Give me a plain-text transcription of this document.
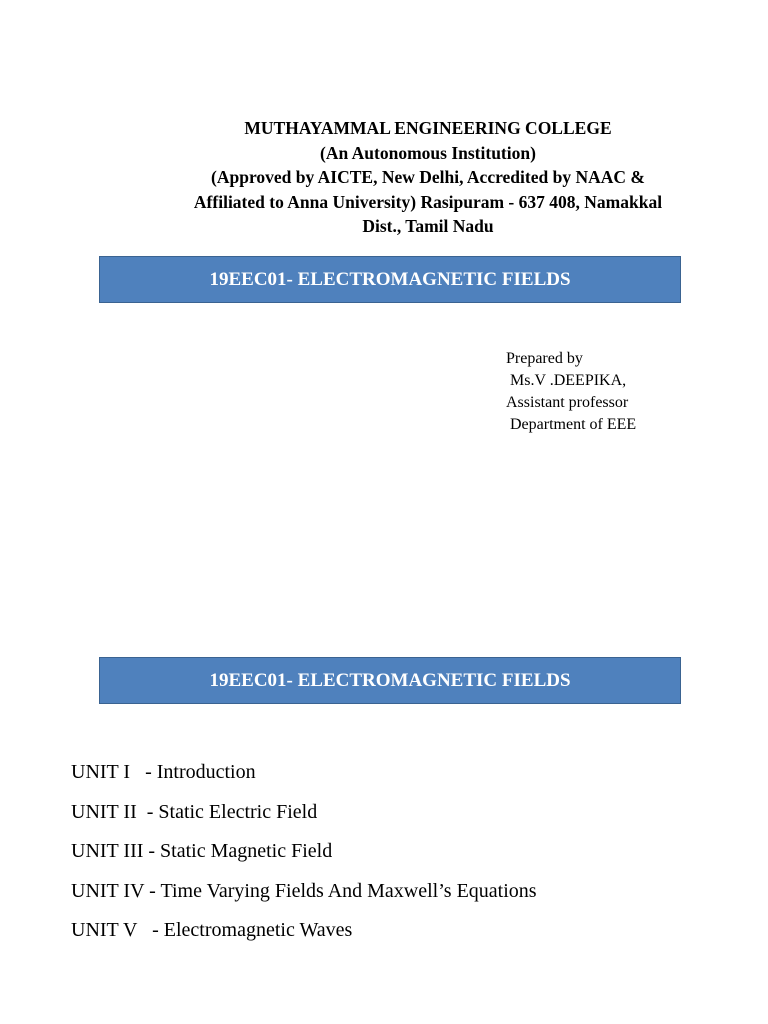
MUTHAYAMMAL ENGINEERING COLLEGE
(An Autonomous Institution)
(Approved by AICTE, New Delhi, Accredited by NAAC &
Affiliated to Anna University) Rasipuram - 637 408, Namakkal
Dist., Tamil Nadu
19EEC01- ELECTROMAGNETIC FIELDS
Prepared by
Ms.V .DEEPIKA,
Assistant professor
Department of EEE
19EEC01- ELECTROMAGNETIC FIELDS
UNIT I   - Introduction
UNIT II  - Static Electric Field
UNIT III - Static Magnetic Field
UNIT IV - Time Varying Fields And Maxwell’s Equations
UNIT V   - Electromagnetic Waves
